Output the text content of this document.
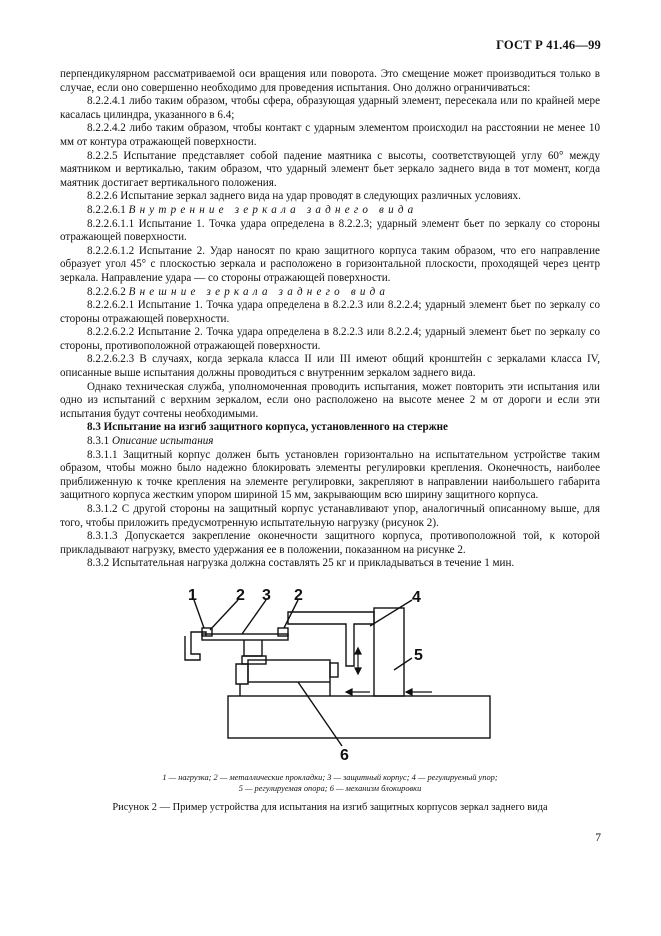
ГОСТ Р 41.46—99

перпендикулярном рассматриваемой оси вращения или поворота. Это смещение может производиться только в случае, если оно совершенно необходимо для проведения испытания. Оно должно ограничиваться:

8.2.2.4.1 либо таким образом, чтобы сфера, образующая ударный элемент, пересекала или по крайней мере касалась цилиндра, указанного в 6.4;

8.2.2.4.2 либо таким образом, чтобы контакт с ударным элементом происходил на расстоянии не менее 10 мм от контура отражающей поверхности.

8.2.2.5 Испытание представляет собой падение маятника с высоты, соответствующей углу 60° между маятником и вертикалью, таким образом, что ударный элемент бьет зеркало заднего вида в тот момент, когда маятник достигает вертикального положения.

8.2.2.6 Испытание зеркал заднего вида на удар проводят в следующих различных условиях.

8.2.2.6.1 Внутренние зеркала заднего вида

8.2.2.6.1.1 Испытание 1. Точка удара определена в 8.2.2.3; ударный элемент бьет по зеркалу со стороны отражающей поверхности.

8.2.2.6.1.2 Испытание 2. Удар наносят по краю защитного корпуса таким образом, что его направление образует угол 45° с плоскостью зеркала и расположено в горизонтальной плоскости, проходящей через центр зеркала. Направление удара — со стороны отражающей поверхности.

8.2.2.6.2 Внешние зеркала заднего вида

8.2.2.6.2.1 Испытание 1. Точка удара определена в 8.2.2.3 или 8.2.2.4; ударный элемент бьет по зеркалу со стороны отражающей поверхности.

8.2.2.6.2.2 Испытание 2. Точка удара определена в 8.2.2.3 или 8.2.2.4; ударный элемент бьет по зеркалу со стороны, противоположной отражающей поверхности.

8.2.2.6.2.3 В случаях, когда зеркала класса II или III имеют общий кронштейн с зеркалами класса IV, описанные выше испытания должны проводиться с внутренним зеркалом заднего вида.

Однако техническая служба, уполномоченная проводить испытания, может повторить эти испытания или одно из испытаний с верхним зеркалом, если оно расположено на высоте менее 2 м от дороги и если эти испытания будут сочтены необходимыми.

8.3 Испытание на изгиб защитного корпуса, установленного на стержне

8.3.1 Описание испытания

8.3.1.1 Защитный корпус должен быть установлен горизонтально на испытательном устройстве таким образом, чтобы можно было надежно блокировать элементы регулировки крепления. Оконечность, наиболее приближенную к точке крепления на элементе регулировки, закрепляют в направлении наибольшего габарита защитного корпуса жестким упором шириной 15 мм, закрывающим всю ширину защитного корпуса.

8.3.1.2 С другой стороны на защитный корпус устанавливают упор, аналогичный описанному выше, для того, чтобы приложить предусмотренную испытательную нагрузку (рисунок 2).

8.3.1.3 Допускается закрепление оконечности защитного корпуса, противоположной той, к которой прикладывают нагрузку, вместо удержания ее в положении, показанном на рисунке 2.

8.3.2 Испытательная нагрузка должна составлять 25 кг и прикладываться в течение 1 мин.

1 2 3 2	4
5
6
1 — нагрузка; 2 — металлические прокладки; 3 — защитный корпус; 4 — регулируемый упор;
5 — регулируемая опора; 6 — механизм блокировки
Рисунок 2 — Пример устройства для испытания на изгиб защитных корпусов зеркал заднего вида
7
